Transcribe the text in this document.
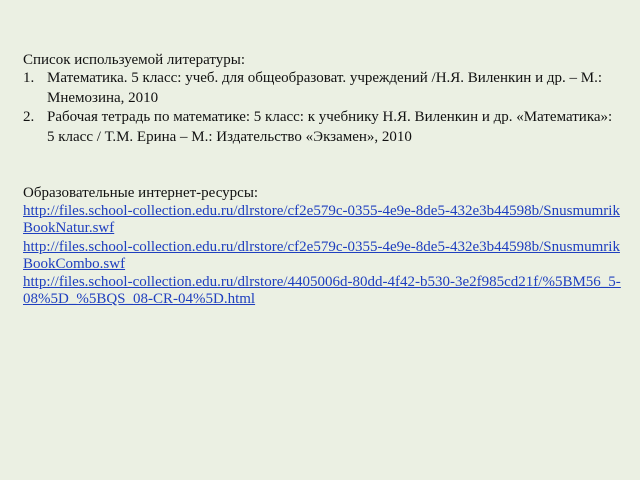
Список используемой литературы:
1. Математика. 5 класс: учеб. для общеобразоват. учреждений /Н.Я. Виленкин и др. – М.: Мнемозина, 2010
2. Рабочая тетрадь по математике: 5 класс: к учебнику Н.Я. Виленкин и др. «Математика»: 5 класс / Т.М. Ерина – М.: Издательство «Экзамен», 2010
Образовательные интернет-ресурсы:
http://files.school-collection.edu.ru/dlrstore/cf2e579c-0355-4e9e-8de5-432e3b44598b/SnusmumrikBookNatur.swf
http://files.school-collection.edu.ru/dlrstore/cf2e579c-0355-4e9e-8de5-432e3b44598b/SnusmumrikBookCombo.swf
http://files.school-collection.edu.ru/dlrstore/4405006d-80dd-4f42-b530-3e2f985cd21f/%5BM56_5-08%5D_%5BQS_08-CR-04%5D.html
